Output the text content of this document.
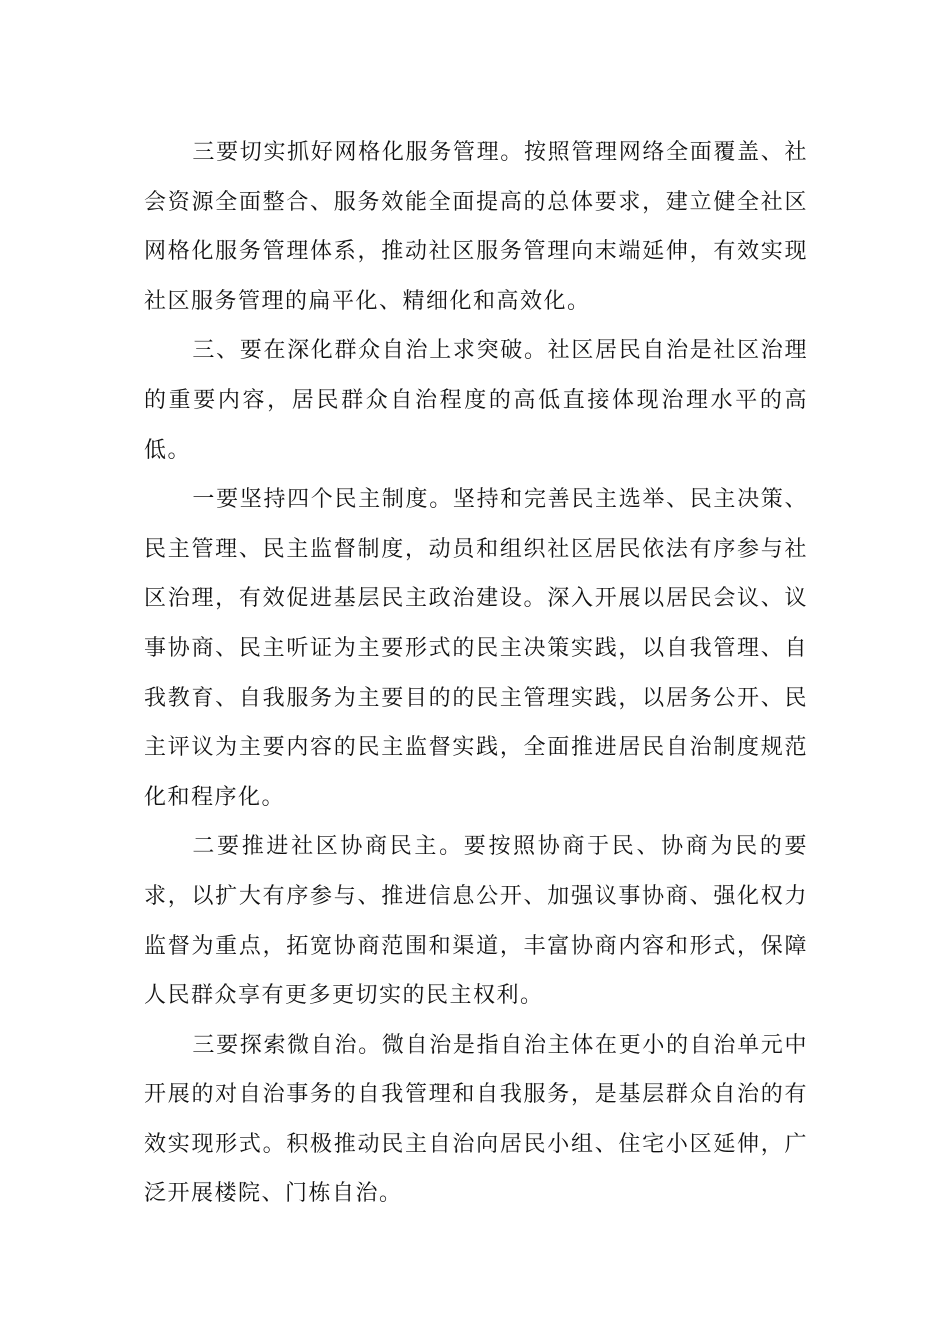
三要切实抓好网格化服务管理。按照管理网络全面覆盖、社会资源全面整合、服务效能全面提高的总体要求，建立健全社区网格化服务管理体系，推动社区服务管理向末端延伸，有效实现社区服务管理的扁平化、精细化和高效化。

三、要在深化群众自治上求突破。社区居民自治是社区治理的重要内容，居民群众自治程度的高低直接体现治理水平的高低。

一要坚持四个民主制度。坚持和完善民主选举、民主决策、民主管理、民主监督制度，动员和组织社区居民依法有序参与社区治理，有效促进基层民主政治建设。深入开展以居民会议、议事协商、民主听证为主要形式的民主决策实践，以自我管理、自我教育、自我服务为主要目的的民主管理实践，以居务公开、民主评议为主要内容的民主监督实践，全面推进居民自治制度规范化和程序化。

二要推进社区协商民主。要按照协商于民、协商为民的要求，以扩大有序参与、推进信息公开、加强议事协商、强化权力监督为重点，拓宽协商范围和渠道，丰富协商内容和形式，保障人民群众享有更多更切实的民主权利。

三要探索微自治。微自治是指自治主体在更小的自治单元中开展的对自治事务的自我管理和自我服务，是基层群众自治的有效实现形式。积极推动民主自治向居民小组、住宅小区延伸，广泛开展楼院、门栋自治。
